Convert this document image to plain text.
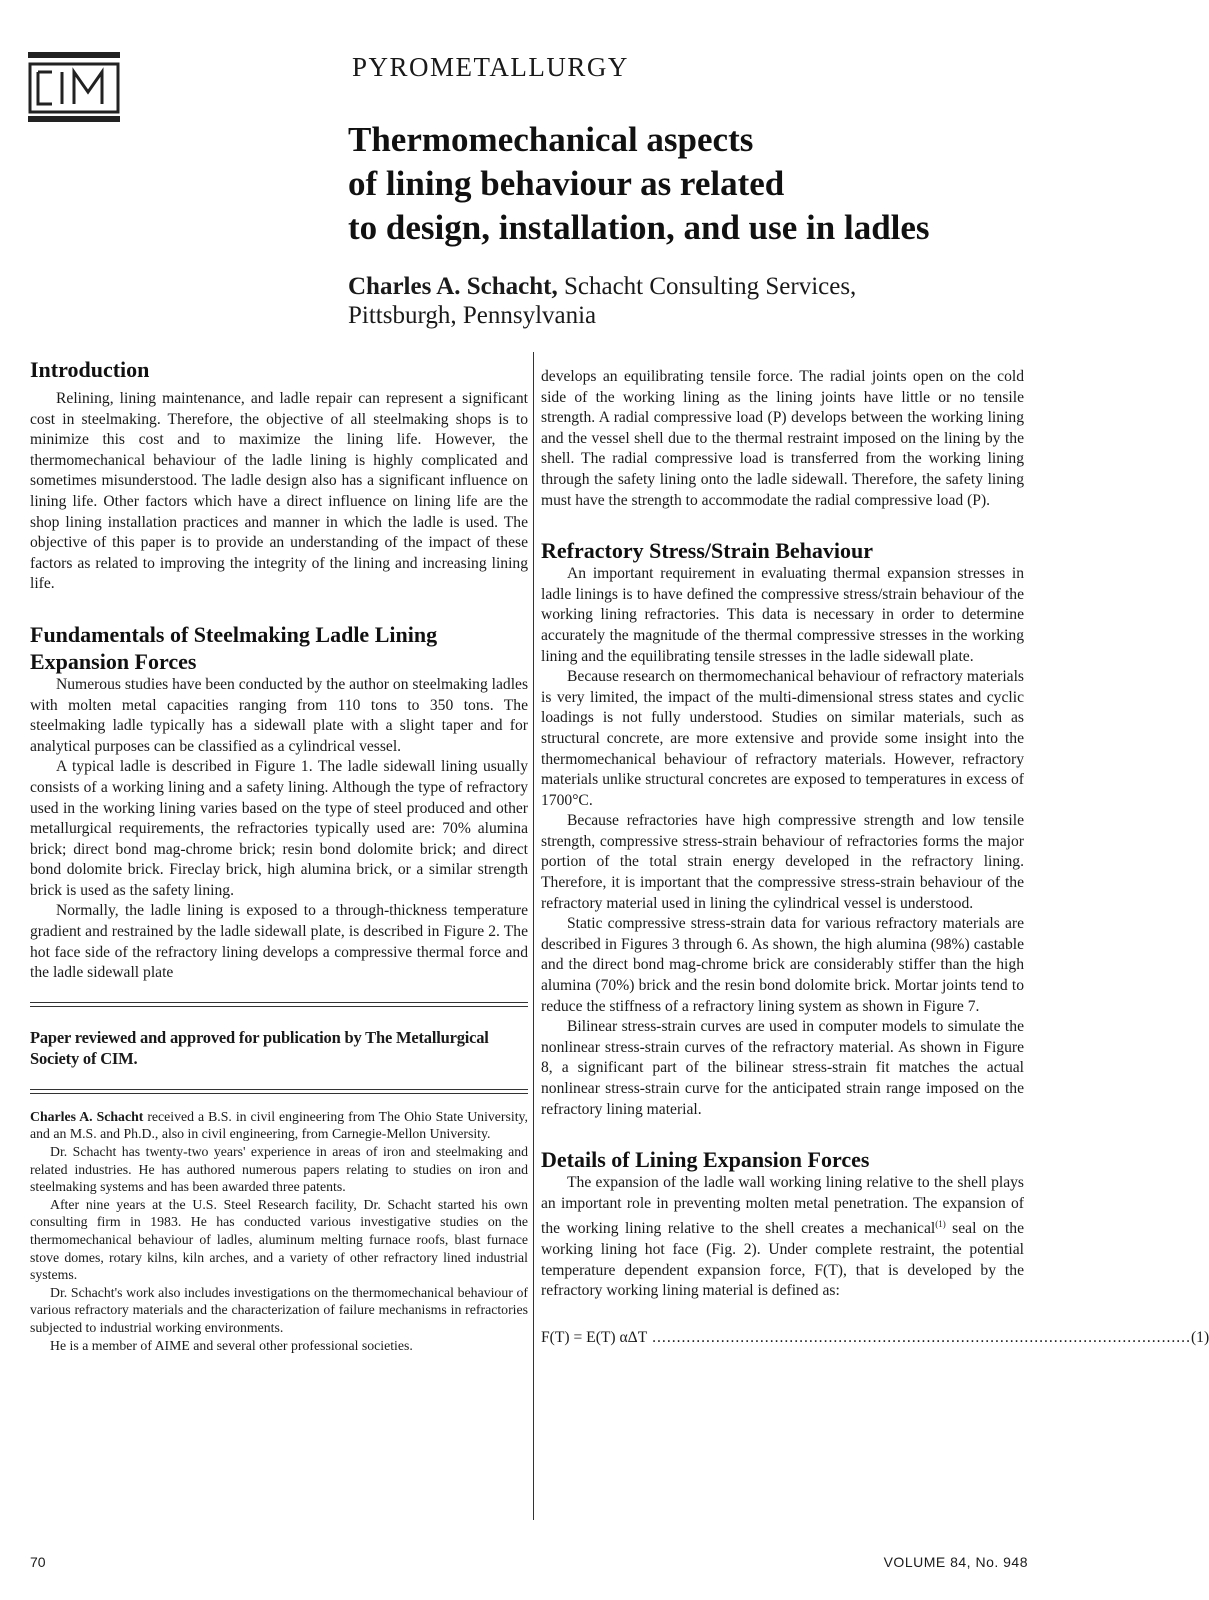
CIM
PYROMETALLURGY
Thermomechanical aspects
of lining behaviour as related
to design, installation, and use in ladles

Charles A. Schacht, Schacht Consulting Services, Pittsburgh, Pennsylvania

Introduction

Relining, lining maintenance, and ladle repair can represent a significant cost in steelmaking. Therefore, the objective of all steelmaking shops is to minimize this cost and to maximize the lining life. However, the thermomechanical behaviour of the ladle lining is highly complicated and sometimes misunderstood. The ladle design also has a significant influence on lining life. Other factors which have a direct influence on lining life are the shop lining installation practices and manner in which the ladle is used. The objective of this paper is to provide an understanding of the impact of these factors as related to improving the integrity of the lining and increasing lining life.

Fundamentals of Steelmaking Ladle Lining Expansion Forces

Numerous studies have been conducted by the author on steelmaking ladles with molten metal capacities ranging from 110 tons to 350 tons. The steelmaking ladle typically has a sidewall plate with a slight taper and for analytical purposes can be classified as a cylindrical vessel.

A typical ladle is described in Figure 1. The ladle sidewall lining usually consists of a working lining and a safety lining. Although the type of refractory used in the working lining varies based on the type of steel produced and other metallurgical requirements, the refractories typically used are: 70% alumina brick; direct bond mag-chrome brick; resin bond dolomite brick; and direct bond dolomite brick. Fireclay brick, high alumina brick, or a similar strength brick is used as the safety lining.

Normally, the ladle lining is exposed to a through-thickness temperature gradient and restrained by the ladle sidewall plate, is described in Figure 2. The hot face side of the refractory lining develops a compressive thermal force and the ladle sidewall plate

Paper reviewed and approved for publication by The Metallurgical Society of CIM.

Charles A. Schacht received a B.S. in civil engineering from The Ohio State University, and an M.S. and Ph.D., also in civil engineering, from Carnegie-Mellon University.

Dr. Schacht has twenty-two years' experience in areas of iron and steelmaking and related industries. He has authored numerous papers relating to studies on iron and steelmaking systems and has been awarded three patents.

After nine years at the U.S. Steel Research facility, Dr. Schacht started his own consulting firm in 1983. He has conducted various investigative studies on the thermomechanical behaviour of ladles, aluminum melting furnace roofs, blast furnace stove domes, rotary kilns, kiln arches, and a variety of other refractory lined industrial systems.

Dr. Schacht's work also includes investigations on the thermomechanical behaviour of various refractory materials and the characterization of failure mechanisms in refractories subjected to industrial working environments.

He is a member of AIME and several other professional societies.

develops an equilibrating tensile force. The radial joints open on the cold side of the working lining as the lining joints have little or no tensile strength. A radial compressive load (P) develops between the working lining and the vessel shell due to the thermal restraint imposed on the lining by the shell. The radial compressive load is transferred from the working lining through the safety lining onto the ladle sidewall. Therefore, the safety lining must have the strength to accommodate the radial compressive load (P).

Refractory Stress/Strain Behaviour

An important requirement in evaluating thermal expansion stresses in ladle linings is to have defined the compressive stress/strain behaviour of the working lining refractories. This data is necessary in order to determine accurately the magnitude of the thermal compressive stresses in the working lining and the equilibrating tensile stresses in the ladle sidewall plate.

Because research on thermomechanical behaviour of refractory materials is very limited, the impact of the multi-dimensional stress states and cyclic loadings is not fully understood. Studies on similar materials, such as structural concrete, are more extensive and provide some insight into the thermomechanical behaviour of refractory materials. However, refractory materials unlike structural concretes are exposed to temperatures in excess of 1700°C.

Because refractories have high compressive strength and low tensile strength, compressive stress-strain behaviour of refractories forms the major portion of the total strain energy developed in the refractory lining. Therefore, it is important that the compressive stress-strain behaviour of the refractory material used in lining the cylindrical vessel is understood.

Static compressive stress-strain data for various refractory materials are described in Figures 3 through 6. As shown, the high alumina (98%) castable and the direct bond mag-chrome brick are considerably stiffer than the high alumina (70%) brick and the resin bond dolomite brick. Mortar joints tend to reduce the stiffness of a refractory lining system as shown in Figure 7.

Bilinear stress-strain curves are used in computer models to simulate the nonlinear stress-strain curves of the refractory material. As shown in Figure 8, a significant part of the bilinear stress-strain fit matches the actual nonlinear stress-strain curve for the anticipated strain range imposed on the refractory lining material.

Details of Lining Expansion Forces

The expansion of the ladle wall working lining relative to the shell plays an important role in preventing molten metal penetration. The expansion of the working lining relative to the shell creates a mechanical$^{(1)}$ seal on the working lining hot face (Fig. 2). Under complete restraint, the potential temperature dependent expansion force, F(T), that is developed by the refractory working lining material is defined as:

F(T) = E(T) αΔT .............................................................................................................. (1)
70	VOLUME 84, No. 948
